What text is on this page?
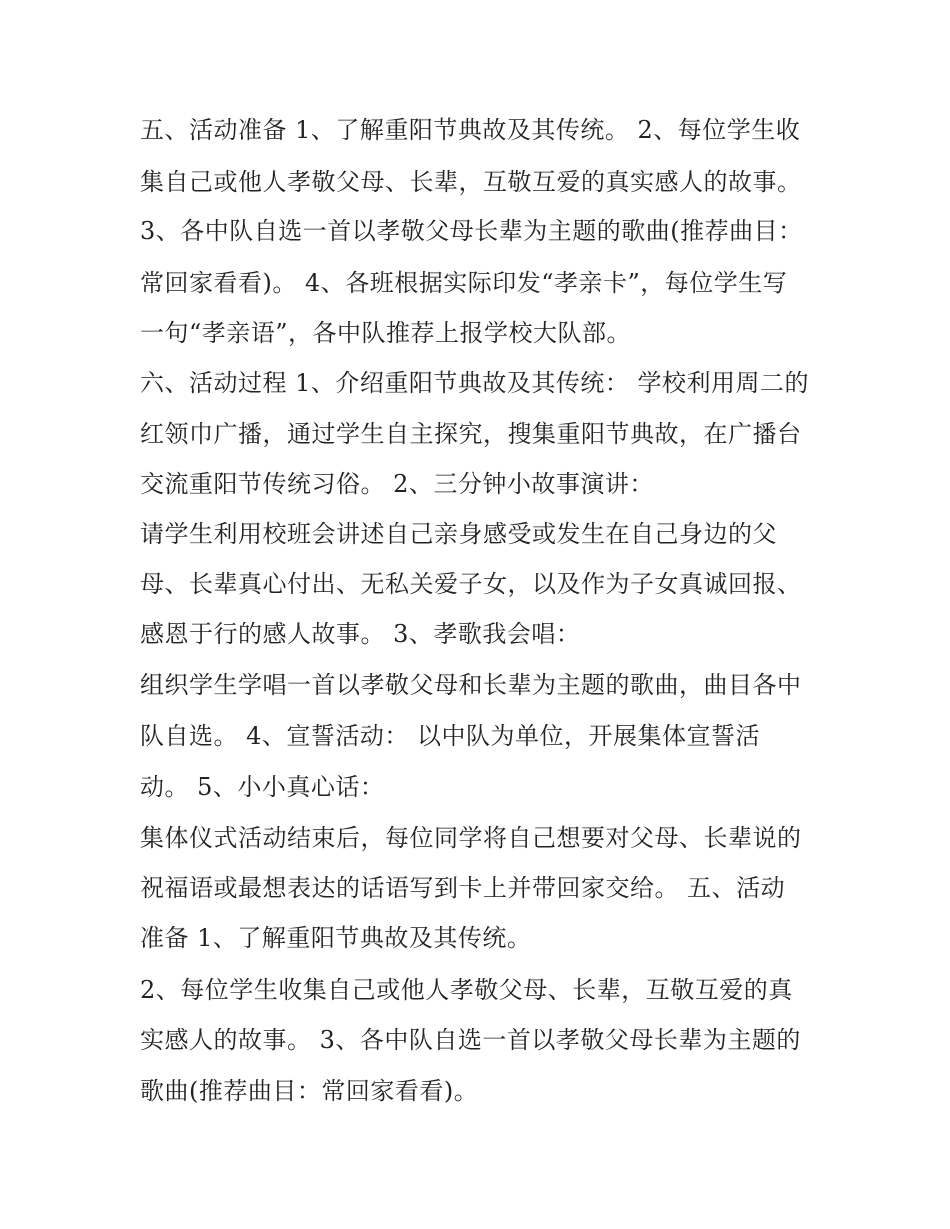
五、活动准备 1、了解重阳节典故及其传统。 2、每位学生收
集自己或他人孝敬父母、长辈，互敬互爱的真实感人的故事。
3、各中队自选一首以孝敬父母长辈为主题的歌曲(推荐曲目：
常回家看看)。 4、各班根据实际印发“孝亲卡”，每位学生写
一句“孝亲语”，各中队推荐上报学校大队部。
六、活动过程 1、介绍重阳节典故及其传统： 学校利用周二的
红领巾广播，通过学生自主探究，搜集重阳节典故，在广播台
交流重阳节传统习俗。 2、三分钟小故事演讲：
请学生利用校班会讲述自己亲身感受或发生在自己身边的父
母、长辈真心付出、无私关爱子女，以及作为子女真诚回报、
感恩于行的感人故事。 3、孝歌我会唱：
组织学生学唱一首以孝敬父母和长辈为主题的歌曲，曲目各中
队自选。 4、宣誓活动： 以中队为单位，开展集体宣誓活
动。 5、小小真心话：
集体仪式活动结束后，每位同学将自己想要对父母、长辈说的
祝福语或最想表达的话语写到卡上并带回家交给。 五、活动
准备 1、了解重阳节典故及其传统。
2、每位学生收集自己或他人孝敬父母、长辈，互敬互爱的真
实感人的故事。 3、各中队自选一首以孝敬父母长辈为主题的
歌曲(推荐曲目：常回家看看)。
